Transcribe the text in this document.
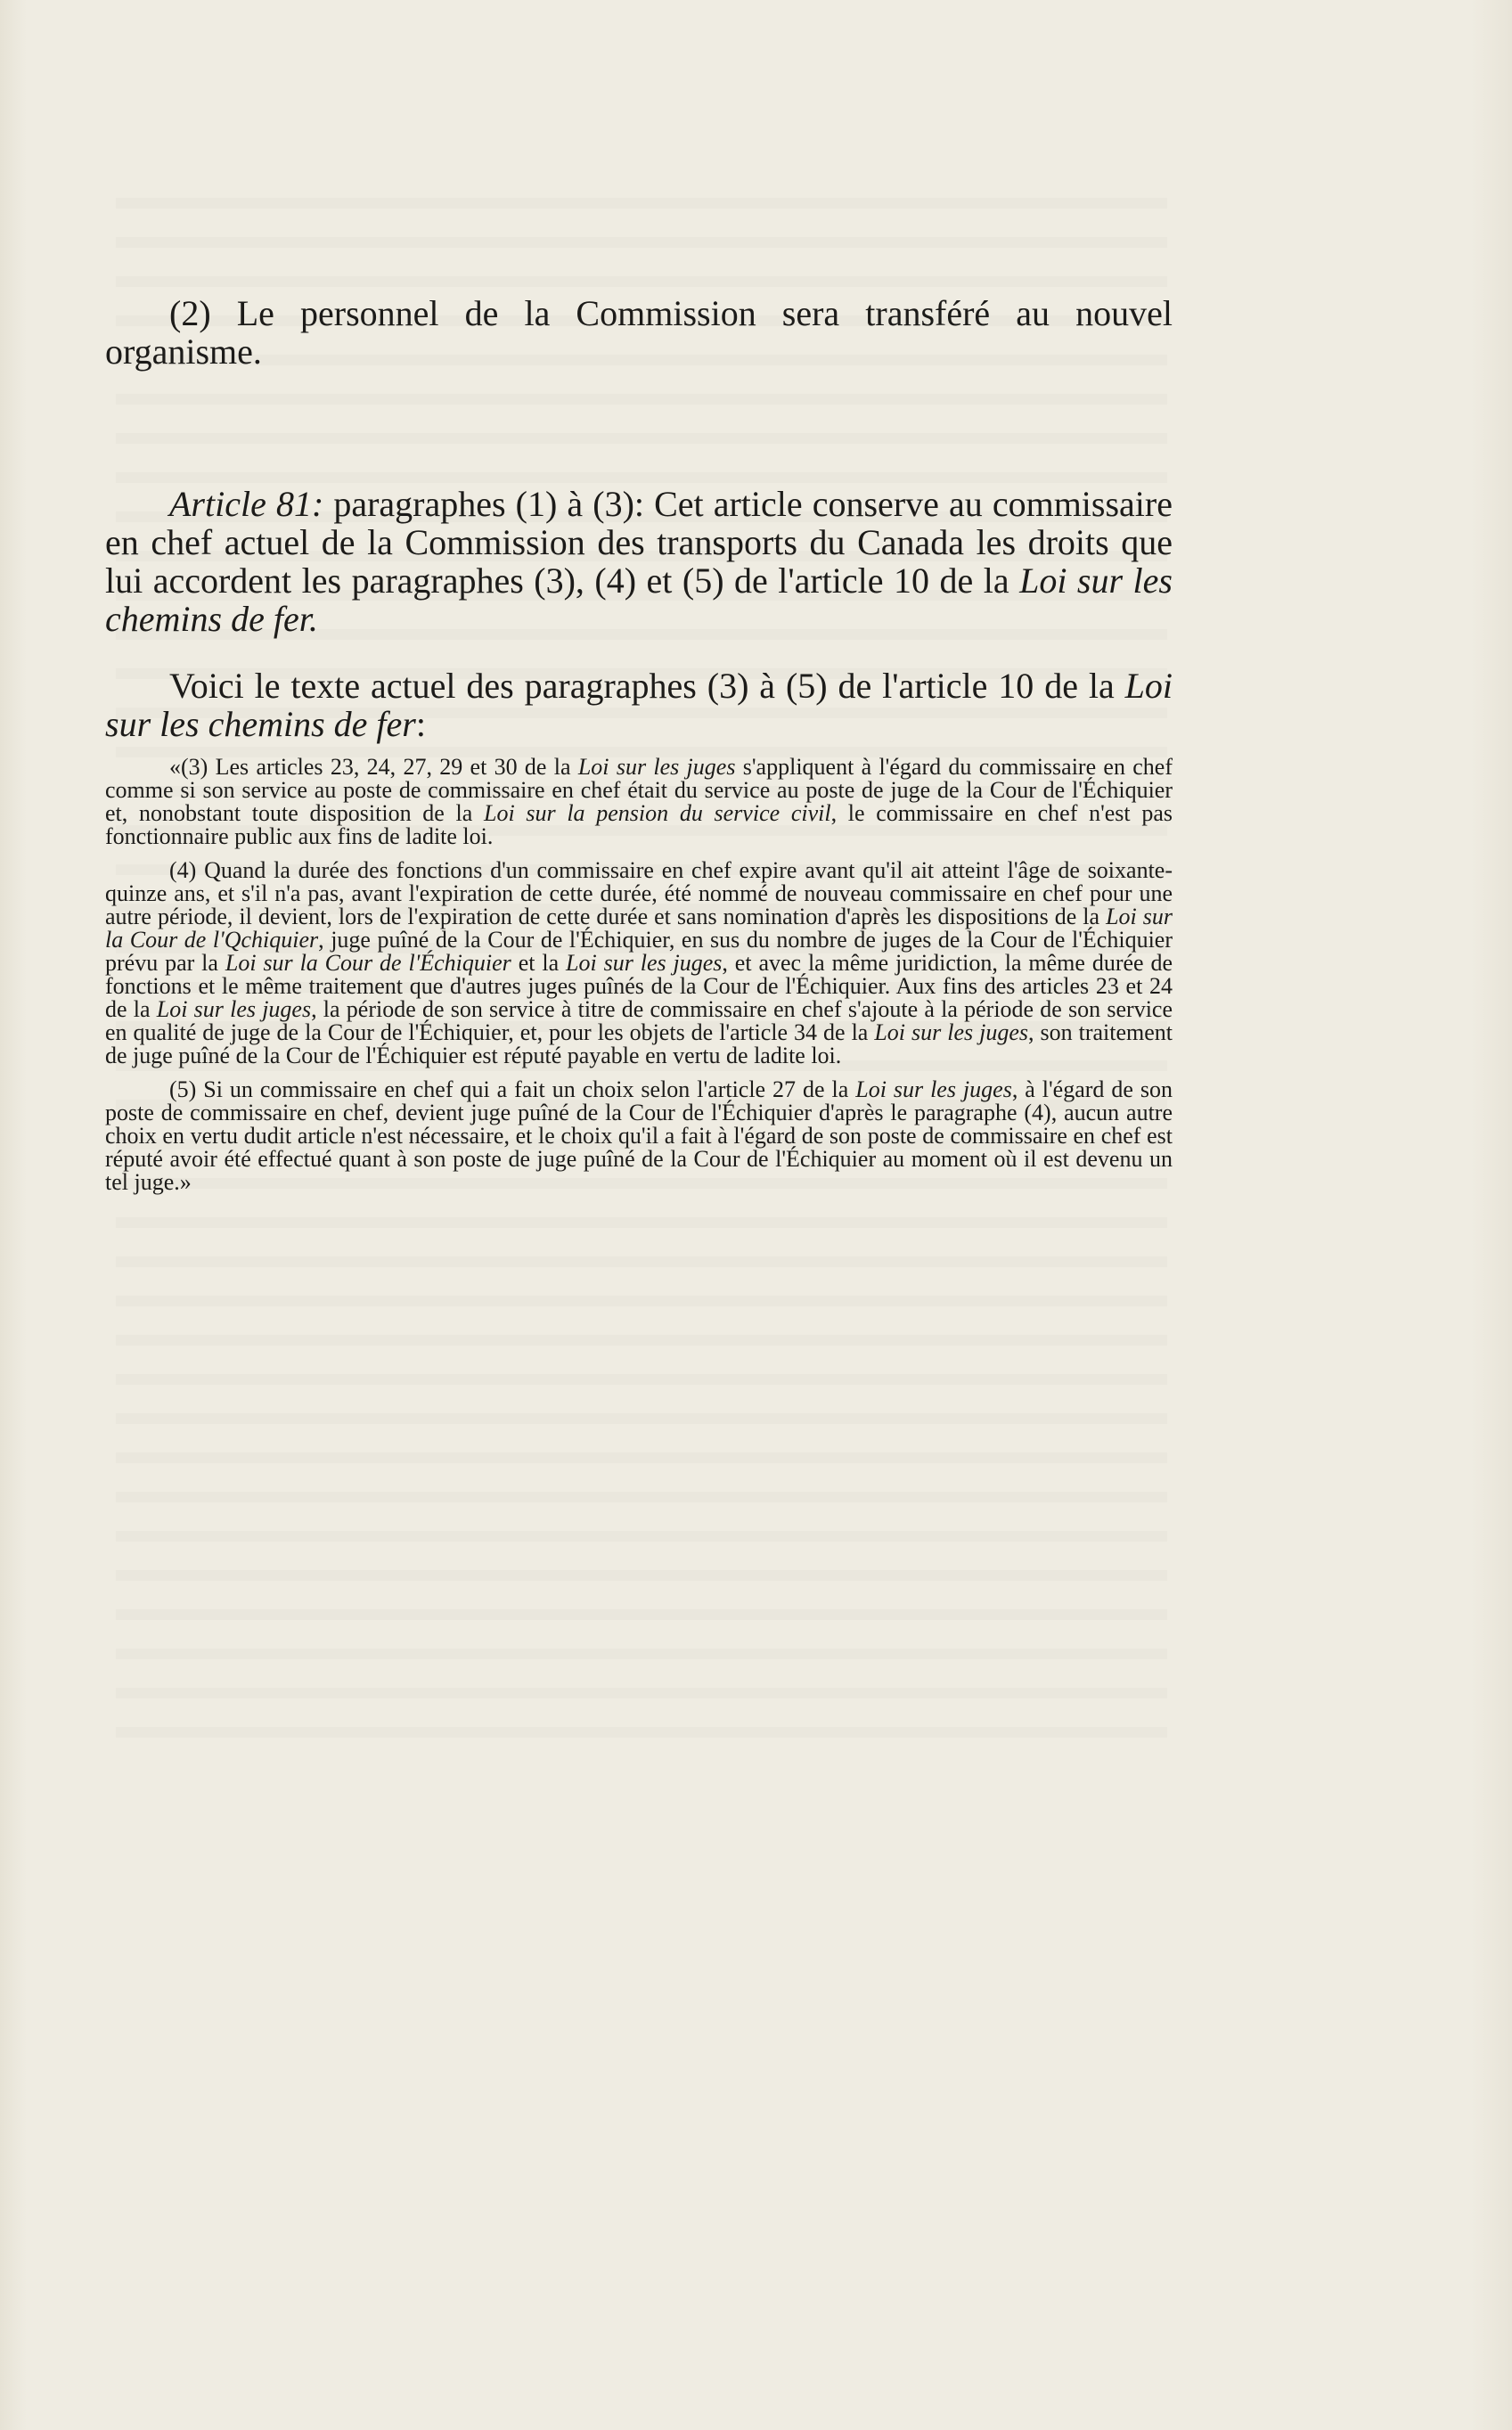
(2) Le personnel de la Commission sera transféré au nouvel organisme.

Article 81: paragraphes (1) à (3): Cet article conserve au commissaire en chef actuel de la Commission des transports du Canada les droits que lui accordent les paragraphes (3), (4) et (5) de l'article 10 de la Loi sur les chemins de fer.

Voici le texte actuel des paragraphes (3) à (5) de l'article 10 de la Loi sur les chemins de fer:

«(3) Les articles 23, 24, 27, 29 et 30 de la Loi sur les juges s'appliquent à l'égard du commissaire en chef comme si son service au poste de commissaire en chef était du service au poste de juge de la Cour de l'Échiquier et, nonobstant toute disposition de la Loi sur la pension du service civil, le commissaire en chef n'est pas fonctionnaire public aux fins de ladite loi.

(4) Quand la durée des fonctions d'un commissaire en chef expire avant qu'il ait atteint l'âge de soixante-quinze ans, et s'il n'a pas, avant l'expiration de cette durée, été nommé de nouveau commissaire en chef pour une autre période, il devient, lors de l'expiration de cette durée et sans nomination d'après les dispositions de la Loi sur la Cour de l'Qchiquier, juge puîné de la Cour de l'Échiquier, en sus du nombre de juges de la Cour de l'Échiquier prévu par la Loi sur la Cour de l'Échiquier et la Loi sur les juges, et avec la même juridiction, la même durée de fonctions et le même traitement que d'autres juges puînés de la Cour de l'Échiquier. Aux fins des articles 23 et 24 de la Loi sur les juges, la période de son service à titre de commissaire en chef s'ajoute à la période de son service en qualité de juge de la Cour de l'Échiquier, et, pour les objets de l'article 34 de la Loi sur les juges, son traitement de juge puîné de la Cour de l'Échiquier est réputé payable en vertu de ladite loi.

(5) Si un commissaire en chef qui a fait un choix selon l'article 27 de la Loi sur les juges, à l'égard de son poste de commissaire en chef, devient juge puîné de la Cour de l'Échiquier d'après le paragraphe (4), aucun autre choix en vertu dudit article n'est nécessaire, et le choix qu'il a fait à l'égard de son poste de commissaire en chef est réputé avoir été effectué quant à son poste de juge puîné de la Cour de l'Échiquier au moment où il est devenu un tel juge.»
